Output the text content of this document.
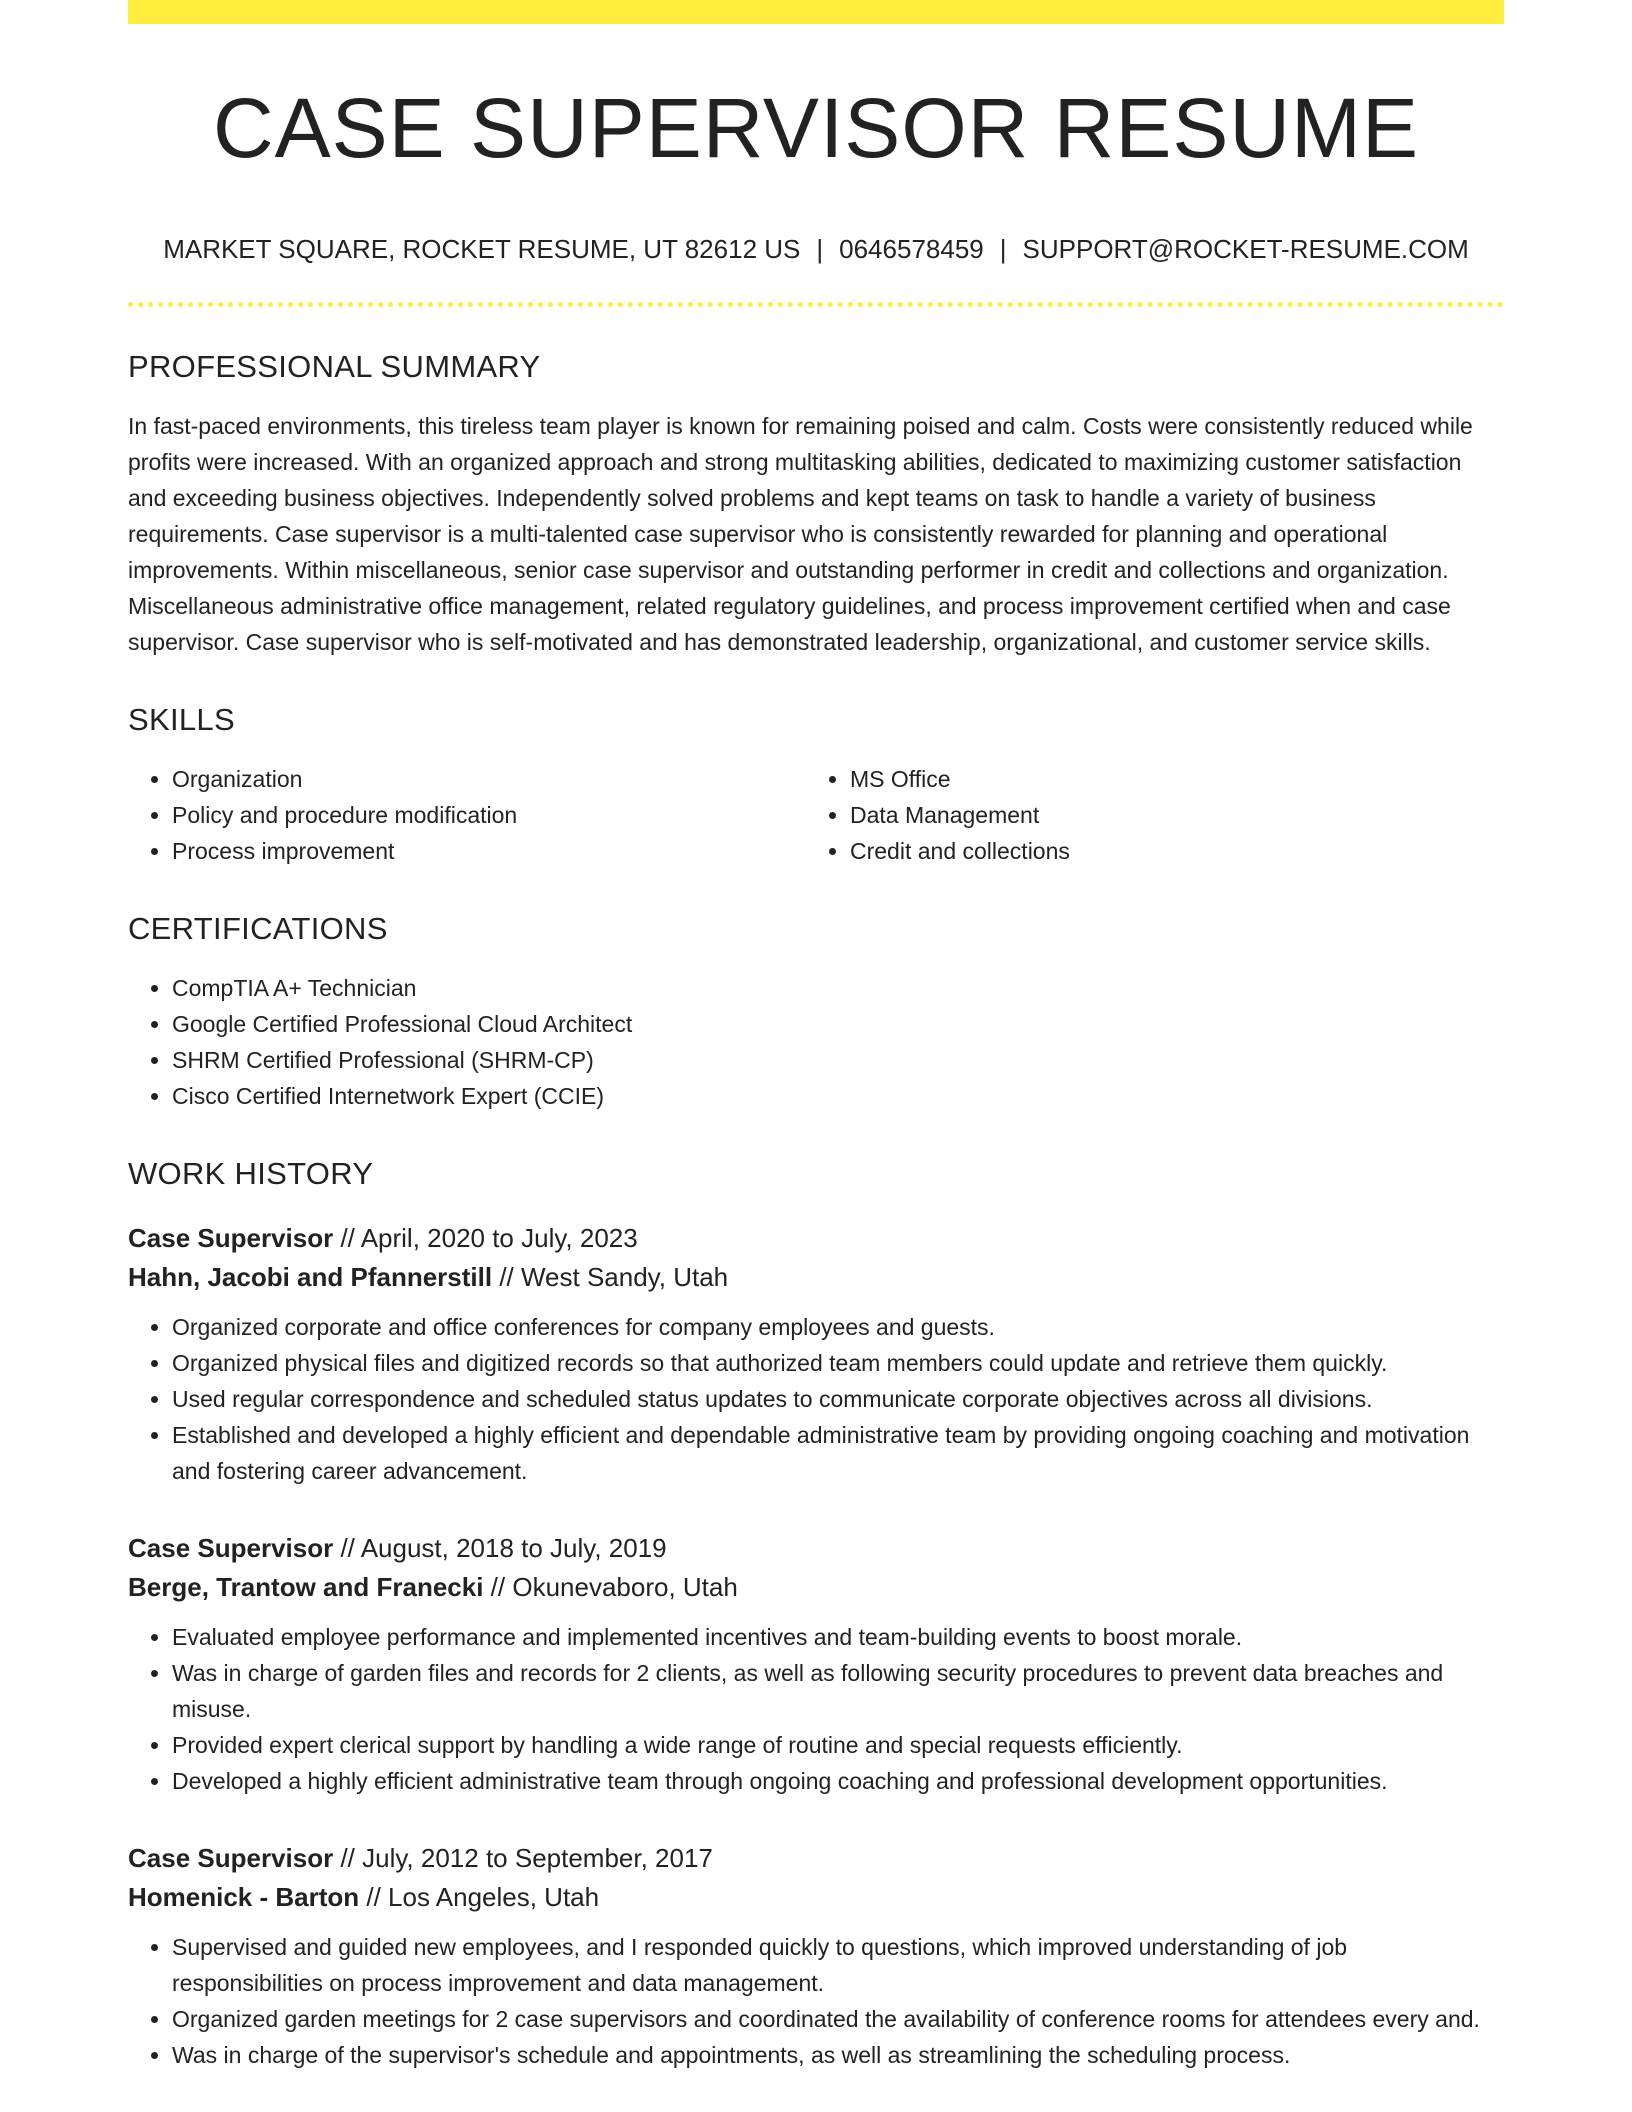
CASE SUPERVISOR RESUME
MARKET SQUARE, ROCKET RESUME, UT 82612 US | 0646578459 | SUPPORT@ROCKET-RESUME.COM
PROFESSIONAL SUMMARY

In fast-paced environments, this tireless team player is known for remaining poised and calm. Costs were consistently reduced while profits were increased. With an organized approach and strong multitasking abilities, dedicated to maximizing customer satisfaction and exceeding business objectives. Independently solved problems and kept teams on task to handle a variety of business requirements. Case supervisor is a multi-talented case supervisor who is consistently rewarded for planning and operational improvements. Within miscellaneous, senior case supervisor and outstanding performer in credit and collections and organization. Miscellaneous administrative office management, related regulatory guidelines, and process improvement certified when and case supervisor. Case supervisor who is self-motivated and has demonstrated leadership, organizational, and customer service skills.

SKILLS
• Organization
• Policy and procedure modification
• Process improvement
• MS Office
• Data Management
• Credit and collections
CERTIFICATIONS
• CompTIA A+ Technician
• Google Certified Professional Cloud Architect
• SHRM Certified Professional (SHRM-CP)
• Cisco Certified Internetwork Expert (CCIE)
WORK HISTORY
Case Supervisor // April, 2020 to July, 2023
Hahn, Jacobi and Pfannerstill // West Sandy, Utah
• Organized corporate and office conferences for company employees and guests.
• Organized physical files and digitized records so that authorized team members could update and retrieve them quickly.
• Used regular correspondence and scheduled status updates to communicate corporate objectives across all divisions.
• Established and developed a highly efficient and dependable administrative team by providing ongoing coaching and motivation and fostering career advancement.
Case Supervisor // August, 2018 to July, 2019
Berge, Trantow and Franecki // Okunevaboro, Utah
• Evaluated employee performance and implemented incentives and team-building events to boost morale.
• Was in charge of garden files and records for 2 clients, as well as following security procedures to prevent data breaches and misuse.
• Provided expert clerical support by handling a wide range of routine and special requests efficiently.
• Developed a highly efficient administrative team through ongoing coaching and professional development opportunities.
Case Supervisor // July, 2012 to September, 2017
Homenick - Barton // Los Angeles, Utah
• Supervised and guided new employees, and I responded quickly to questions, which improved understanding of job responsibilities on process improvement and data management.
• Organized garden meetings for 2 case supervisors and coordinated the availability of conference rooms for attendees every and.
• Was in charge of the supervisor's schedule and appointments, as well as streamlining the scheduling process.
